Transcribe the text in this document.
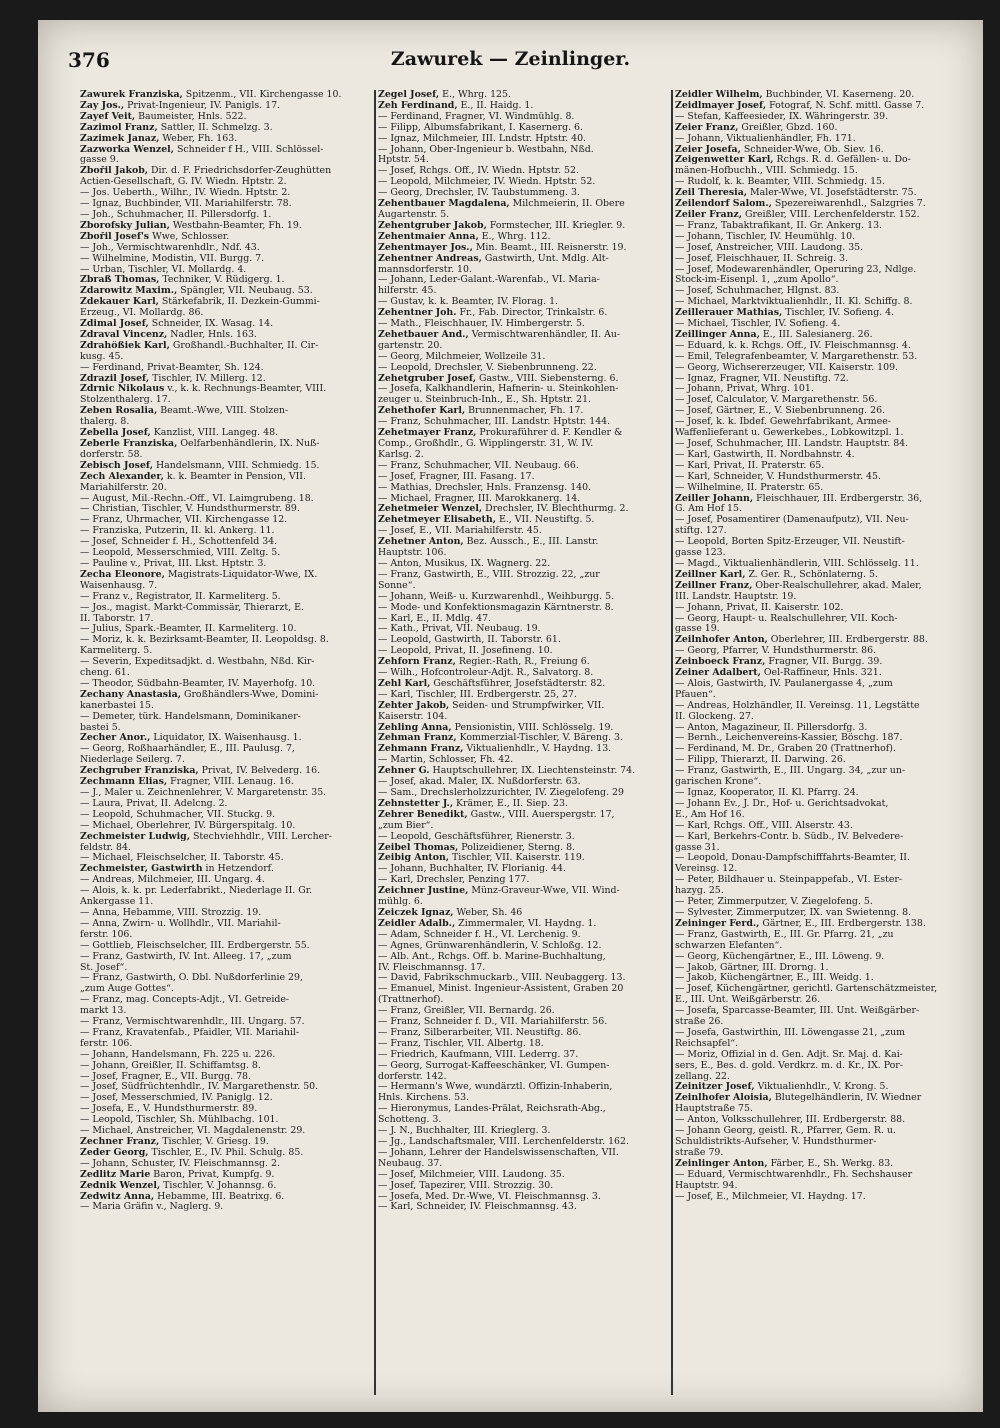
376	Zawurek — Zeinlinger.
Zawurek Franziska, Spitzenm., VII. Kirchengasse 10.
Zay Jos., Privat-Ingenieur, IV. Panigls. 17.
Zayef Veit, Baumeister, Hnls. 522.
Zazimol Franz, Sattler, II. Schmelzg. 3.
Zazimek Janaz, Weber, Fh. 163.
Zazworka Wenzel, Schneider f H., VIII. Schlössel-
gasse 9.
Zbořil Jakob, Dir. d. F. Friedrichsdorfer-Zeughütten
Actien-Gesellschaft, G. IV. Wiedn. Hptstr. 2.
— Jos. Ueberth., Wilhr., IV. Wiedn. Hptstr. 2.
— Ignaz, Buchbinder, VII. Mariahilferstr. 78.
— Joh., Schuhmacher, II. Pillersdorfg. 1.
Zborofsky Julian, Westbahn-Beamter, Fh. 19.
Zbořil Josef's Wwe, Schlosser.
— Joh., Vermischtwarenhdlr., Ndf. 43.
— Wilhelmine, Modistin, VII. Burgg. 7.
— Urban, Tischler, VI. Mollardg. 4.
Zbraß Thomas, Techniker, V. Rüdigerg. 1.
Zdarowitz Maxim., Spängler, VII. Neubaug. 53.
Zdekauer Karl, Stärkefabrik, II. Dezkein-Gummi-
Erzeug., VI. Mollardg. 86.
Zdimal Josef, Schneider, IX. Wasag. 14.
Zdraval Vincenz, Nadler, Hnls. 163.
Zdrahößiek Karl, Großhandl.-Buchhalter, II. Cir-
kusg. 45.
— Ferdinand, Privat-Beamter, Sh. 124.
Zdrazil Josef, Tischler, IV. Millerg. 12.
Zdrnic Nikolaus v., k. k. Rechnungs-Beamter, VIII.
Stolzenthalerg. 17.
Zeben Rosalia, Beamt.-Wwe, VIII. Stolzen-
thalerg. 8.
Zebella Josef, Kanzlist, VIII. Langeg. 48.
Zeberle Franziska, Oelfarbenhändlerin, IX. Nuß-
dorferstr. 58.
Zebisch Josef, Handelsmann, VIII. Schmiedg. 15.
Zech Alexander, k. k. Beamter in Pension, VII.
Mariahilferstr. 20.
— August, Mil.-Rechn.-Off., VI. Laimgrubeng. 18.
— Christian, Tischler, V. Hundsthurmerstr. 89.
— Franz, Uhrmacher, VII. Kirchengasse 12.
— Franziska, Putzerin, II. kl. Ankerg. 11.
— Josef, Schneider f. H., Schottenfeld 34.
— Leopold, Messerschmied, VIII. Zeltg. 5.
— Pauline v., Privat, III. Lkst. Hptstr. 3.
Zecha Eleonore, Magistrats-Liquidator-Wwe, IX.
Waisenhausg. 7.
— Franz v., Registrator, II. Karmeliterg. 5.
— Jos., magist. Markt-Commissär, Thierarzt, E.
II. Taborstr. 17.
— Julius, Spark.-Beamter, II. Karmeliterg. 10.
— Moriz, k. k. Bezirksamt-Beamter, II. Leopoldsg. 8.
Karmeliterg. 5.
— Severin, Expeditsadjkt. d. Westbahn, Nßd. Kir-
cheng. 61.
— Theodor, Südbahn-Beamter, IV. Mayerhofg. 10.
Zechany Anastasia, Großhändlers-Wwe, Domini-
kanerbastei 15.
— Demeter, türk. Handelsmann, Dominikaner-
bastei 5.
Zecher Anor., Liquidator, IX. Waisenhausg. 1.
— Georg, Roßhaarhändler, E., III. Paulusg. 7,
Niederlage Seilerg. 7.
Zechgruber Franziska, Privat, IV. Belvederg. 16.
Zechmann Elias, Fragner, VIII. Lenaug. 16.
— J., Maler u. Zeichnenlehrer, V. Margaretenstr. 35.
— Laura, Privat, II. Adelcng. 2.
— Leopold, Schuhmacher, VII. Stuckg. 9.
— Michael, Oberlehrer, IV. Bürgerspitalg. 10.
Zechmeister Ludwig, Stechviehhdlr., VIII. Lercher-
feldstr. 84.
— Michael, Fleischselcher, II. Taborstr. 45.
Zechmeister, Gastwirth in Hetzendorf.
— Andreas, Milchmeier, III. Ungarg. 4.
— Alois, k. k. pr. Lederfabrikt., Niederlage II. Gr.
Ankergasse 11.
— Anna, Hebamme, VIII. Strozzig. 19.
— Anna, Zwirn- u. Wollhdlr., VII. Mariahil-
ferstr. 106.
— Gottlieb, Fleischselcher, III. Erdbergerstr. 55.
— Franz, Gastwirth, IV. Int. Alleeg. 17, „zum
St. Josef“.
— Franz, Gastwirth, O. Dbl. Nußdorferlinie 29,
„zum Auge Gottes“.
— Franz, mag. Concepts-Adjt., VI. Getreide-
markt 13.
— Franz, Vermischtwarenhdlr., III. Ungarg. 57.
— Franz, Kravatenfab., Pfaidler, VII. Mariahil-
ferstr. 106.
— Johann, Handelsmann, Fh. 225 u. 226.
— Johann, Greißler, II. Schiffamtsg. 8.
— Josef, Fragner, E., VII. Burgg. 78.
— Josef, Südfrüchtenhdlr., IV. Margarethenstr. 50.
— Josef, Messerschmied, IV. Paniglg. 12.
— Josefa, E., V. Hundsthurmerstr. 89.
— Leopold, Tischler, Sh. Mühlbachg. 101.
— Michael, Anstreicher, VI. Magdalenenstr. 29.
Zechner Franz, Tischler, V. Griesg. 19.
Zeder Georg, Tischler, E., IV. Phil. Schulg. 85.
— Johann, Schuster, IV. Fleischmannsg. 2.
Zedlitz Marie Baron, Privat, Kumpfg. 9.
Zednik Wenzel, Tischler, V. Johannsg. 6.
Zedwitz Anna, Hebamme, III. Beatrixg. 6.
— Maria Gräfin v., Naglerg. 9.
Zegel Josef, E., Whrg. 125.
Zeh Ferdinand, E., II. Haidg. 1.
— Ferdinand, Fragner, VI. Windmühlg. 8.
— Filipp, Albumsfabrikant, I. Kasernerg. 6.
— Ignaz, Milchmeier, III. Lndstr. Hptstr. 40.
— Johann, Ober-Ingenieur b. Westbahn, Nßd.
Hptstr. 54.
— Josef, Rchgs. Off., IV. Wiedn. Hptstr. 52.
— Leopold, Milchmeier, IV. Wiedn. Hptstr. 52.
— Georg, Drechsler, IV. Taubstummeng. 3.
Zehentbauer Magdalena, Milchmeierin, II. Obere
Augartenstr. 5.
Zehentgruber Jakob, Formstecher, III. Kriegler. 9.
Zehentmaier Anna, E., Whrg. 112.
Zehentmayer Jos., Min. Beamt., III. Reisnerstr. 19.
Zehentner Andreas, Gastwirth, Unt. Mdlg. Alt-
mannsdorferstr. 10.
— Johann, Leder-Galant.-Warenfab., VI. Maria-
hilferstr. 45.
— Gustav, k. k. Beamter, IV. Florag. 1.
Zehentner Joh. Fr., Fab. Director, Trinkalstr. 6.
— Math., Fleischhauer, IV. Himbergerstr. 5.
Zehetbauer And., Vermischtwarenhändler, II. Au-
gartenstr. 20.
— Georg, Milchmeier, Wollzeile 31.
— Leopold, Drechsler, V. Siebenbrunneng. 22.
Zehetgruber Josef, Gastw., VIII. Siebensterng. 6.
— Josefa, Kalkhandlerin, Hafnerin- u. Steinkohlen-
zeuger u. Steinbruch-Inh., E., Sh. Hptstr. 21.
Zehethofer Karl, Brunnenmacher, Fh. 17.
— Franz, Schuhmacher, III. Landstr. Hptstr. 144.
Zehetmayer Franz, Prokuraführer d. F. Kendler &
Comp., Großhdlr., G. Wipplingerstr. 31, W. IV.
Karlsg. 2.
— Franz, Schuhmacher, VII. Neubaug. 66.
— Josef, Fragner, III. Fasang. 17.
— Mathias, Drechsler, Hnls. Franzensg. 140.
— Michael, Fragner, III. Marokkanerg. 14.
Zehetmeier Wenzel, Drechsler, IV. Blechthurmg. 2.
Zehetmeyer Elisabeth, E., VII. Neustiftg. 5.
— Josef, E., VII. Mariahilferstr. 45.
Zehetner Anton, Bez. Aussch., E., III. Lanstr.
Hauptstr. 106.
— Anton, Musikus, IX. Wagnerg. 22.
— Franz, Gastwirth, E., VIII. Strozzig. 22, „zur
Sonne“.
— Johann, Weiß- u. Kurzwarenhdl., Weihburgg. 5.
— Mode- und Konfektionsmagazin Kärntnerstr. 8.
— Karl, E., II. Mdlg. 47.
— Kath., Privat, VII. Neubaug. 19.
— Leopold, Gastwirth, II. Taborstr. 61.
— Leopold, Privat, II. Josefineng. 10.
Zehforn Franz, Regier.-Rath, R., Freiung 6.
— Wilh., Hofcontroleur-Adjt. R., Salvatorg. 8.
Zehl Karl, Geschäftsführer, Josefstädterstr. 82.
— Karl, Tischler, III. Erdbergerstr. 25, 27.
Zehter Jakob, Seiden- und Strumpfwirker, VII.
Kaiserstr. 104.
Zehling Anna, Pensionistin, VIII. Schlösselg. 19.
Zehman Franz, Kommerzial-Tischler, V. Bäreng. 3.
Zehmann Franz, Viktualienhdlr., V. Haydng. 13.
— Martin, Schlosser, Fh. 42.
Zehner G. Hauptschullehrer, IX. Liechtensteinstr. 74.
— Josef, akad. Maler, IX. Nußdorferstr. 63.
— Sam., Drechslerholzzurichter, IV. Ziegelofeng. 29
Zehnstetter J., Krämer, E., II. Siep. 23.
Zehrer Benedikt, Gastw., VIII. Auerspergstr. 17,
„zum Bier“.
— Leopold, Geschäftsführer, Rienerstr. 3.
Zeibel Thomas, Polizeidiener, Sterng. 8.
Zeibig Anton, Tischler, VII. Kaiserstr. 119.
— Johann, Buchhalter, IV. Florianig. 44.
— Karl, Drechsler, Penzing 177.
Zeichner Justine, Münz-Graveur-Wwe, VII. Wind-
mühlg. 6.
Zeiczek Ignaz, Weber, Sh. 46
Zeidler Adalb., Zimmermaler, VI. Haydng. 1.
— Adam, Schneider f. H., VI. Lerchenig. 9.
— Agnes, Grünwarenhändlerin, V. Schloßg. 12.
— Alb. Ant., Rchgs. Off. b. Marine-Buchhaltung,
IV. Fleischmannsg. 17.
— David, Fabrikschmuckarb., VIII. Neubaggerg. 13.
— Emanuel, Minist. Ingenieur-Assistent, Graben 20
(Trattnerhof).
— Franz, Greißler, VII. Bernardg. 26.
— Franz, Schneider f. D., VII. Mariahilferstr. 56.
— Franz, Silberarbeiter, VII. Neustiftg. 86.
— Franz, Tischler, VII. Albertg. 18.
— Friedrich, Kaufmann, VIII. Lederrg. 37.
— Georg, Surrogat-Kaffeeschänker, VI. Gumpen-
dorferstr. 142.
— Hermann's Wwe, wundärztl. Offizin-Inhaberin,
Hnls. Kirchens. 53.
— Hieronymus, Landes-Prälat, Reichsrath-Abg.,
Schotteng. 3.
— J. N., Buchhalter, III. Krieglerg. 3.
— Jg., Landschaftsmaler, VIII. Lerchenfelderstr. 162.
— Johann, Lehrer der Handelswissenschaften, VII.
Neubaug. 37.
— Josef, Milchmeier, VIII. Laudong. 35.
— Josef, Tapezirer, VIII. Strozzig. 30.
— Josefa, Med. Dr.-Wwe, VI. Fleischmannsg. 3.
— Karl, Schneider, IV. Fleischmannsg. 43.
Zeidler Wilhelm, Buchbinder, VI. Kaserneng. 20.
Zeidlmayer Josef, Fotograf, N. Schf. mittl. Gasse 7.
— Stefan, Kaffeesieder, IX. Währingerstr. 39.
Zeier Franz, Greißler, Gbzd. 160.
— Johann, Viktualienhändler, Fh. 171.
Zeier Josefa, Schneider-Wwe, Ob. Siev. 16.
Zeigenwetter Karl, Rchgs. R. d. Gefällen- u. Do-
mänen-Hofbuchh., VIII. Schmiedg. 15.
— Rudolf, k. k. Beamter, VIII. Schmiedg. 15.
Zeil Theresia, Maler-Wwe, VI. Josefstädterstr. 75.
Zeilendorf Salom., Spezereiwarenhdl., Salzgries 7.
Zeiler Franz, Greißler, VIII. Lerchenfelderstr. 152.
— Franz, Tabaktrafikant, II. Gr. Ankerg. 13.
— Johann, Tischler, IV. Heumühlg. 10.
— Josef, Anstreicher, VIII. Laudong. 35.
— Josef, Fleischhauer, II. Schreig. 3.
— Josef, Modewarenhändler, Operuring 23, Ndlge.
Stock-im-Eisenpl. 1, „zum Apollo“.
— Josef, Schuhmacher, Hlgnst. 83.
— Michael, Marktviktualienhdlr., II. Kl. Schiffg. 8.
Zeillerauer Mathias, Tischler, IV. Sofieng. 4.
— Michael, Tischler, IV. Sofieng. 4.
Zeillinger Anna, E., III. Salesianerg. 26.
— Eduard, k. k. Rchgs. Off., IV. Fleischmannsg. 4.
— Emil, Telegrafenbeamter, V. Margarethenstr. 53.
— Georg, Wichsererzeuger, VII. Kaiserstr. 109.
— Ignaz, Fragner, VII. Neustiftg. 72.
— Johann, Privat, Whrg. 101.
— Josef, Calculator, V. Margarethenstr. 56.
— Josef, Gärtner, E., V. Siebenbrunneng. 26.
— Josef, k. k. Ibdef. Gewehrfabrikant, Armee-
Waffenlieferant u. Gewerkebes., Lobkowitzpl. 1.
— Josef, Schuhmacher, III. Landstr. Hauptstr. 84.
— Karl, Gastwirth, II. Nordbahnstr. 4.
— Karl, Privat, II. Praterstr. 65.
— Karl, Schneider, V. Hundsthurmerstr. 45.
— Wilhelmine, II. Praterstr. 65.
Zeiller Johann, Fleischhauer, III. Erdbergerstr. 36,
G. Am Hof 15.
— Josef, Posamentirer (Damenaufputz), VII. Neu-
stiftg. 127.
— Leopold, Borten Spitz-Erzeuger, VII. Neustift-
gasse 123.
— Magd., Viktualienhändlerin, VIII. Schlösselg. 11.
Zeillner Karl, Z. Ger. R., Schönlaterng. 5.
Zeillner Franz, Ober-Realschullehrer, akad. Maler,
III. Landstr. Hauptstr. 19.
— Johann, Privat, II. Kaiserstr. 102.
— Georg, Haupt- u. Realschullehrer, VII. Koch-
gasse 19.
Zeilnhofer Anton, Oberlehrer, III. Erdbergerstr. 88.
— Georg, Pfarrer, V. Hundsthurmerstr. 86.
Zeinboeck Franz, Fragner, VII. Burgg. 39.
Zeiner Adalbert, Oel-Raffineur, Hnls. 321.
— Alois, Gastwirth, IV. Paulanergasse 4, „zum
Pfauen“.
— Andreas, Holzhändler, II. Vereinsg. 11, Legstätte
II. Glockeng. 27.
— Anton, Magazineur, II. Pillersdorfg. 3.
— Bernh., Leichenvereins-Kassier, Böschg. 187.
— Ferdinand, M. Dr., Graben 20 (Trattnerhof).
— Filipp, Thierarzt, II. Darwing. 26.
— Franz, Gastwirth, E., III. Ungarg. 34, „zur un-
garischen Krone“.
— Ignaz, Kooperator, II. Kl. Pfarrg. 24.
— Johann Ev., J. Dr., Hof- u. Gerichtsadvokat,
E., Am Hof 16.
— Karl, Rchgs. Off., VIII. Alserstr. 43.
— Karl, Berkehrs-Contr. b. Südb., IV. Belvedere-
gasse 31.
— Leopold, Donau-Dampfschifffahrts-Beamter, II.
Vereinsg. 12.
— Peter, Bildhauer u. Steinpappefab., VI. Ester-
hazyg. 25.
— Peter, Zimmerputzer, V. Ziegelofeng. 5.
— Sylvester, Zimmerputzer, IX. van Swietenng. 8.
Zeininger Ferd., Gärtner, E., III. Erdbergerstr. 138.
— Franz, Gastwirth, E., III. Gr. Pfarrg. 21, „zu
schwarzen Elefanten“.
— Georg, Küchengärtner, E., III. Löweng. 9.
— Jakob, Gärtner, III. Drorng. 1.
— Jakob, Küchengärtner, E., III. Weidg. 1.
— Josef, Küchengärtner, gerichtl. Gartenschätzmeister,
E., III. Unt. Weißgärberstr. 26.
— Josefa, Sparcasse-Beamter, III. Unt. Weißgärber-
straße 26.
— Josefa, Gastwirthin, III. Löwengasse 21, „zum
Reichsapfel“.
— Moriz, Offizial in d. Gen. Adjt. Sr. Maj. d. Kai-
sers, E., Bes. d. gold. Verdkrz. m. d. Kr., IX. Por-
zellang. 22.
Zeinitzer Josef, Viktualienhdlr., V. Krong. 5.
Zeinlhofer Aloisia, Blutegelhändlerin, IV. Wiedner
Hauptstraße 75.
— Anton, Volksschullehrer, III. Erdbergerstr. 88.
— Johann Georg, geistl. R., Pfarrer, Gem. R. u.
Schuldistrikts-Aufseher, V. Hundsthurmer-
straße 79.
Zeinlinger Anton, Färber, E., Sh. Werkg. 83.
— Eduard, Vermischtwarenhdlr., Fh. Sechshauser
Hauptstr. 94.
— Josef, E., Milchmeier, VI. Haydng. 17.
